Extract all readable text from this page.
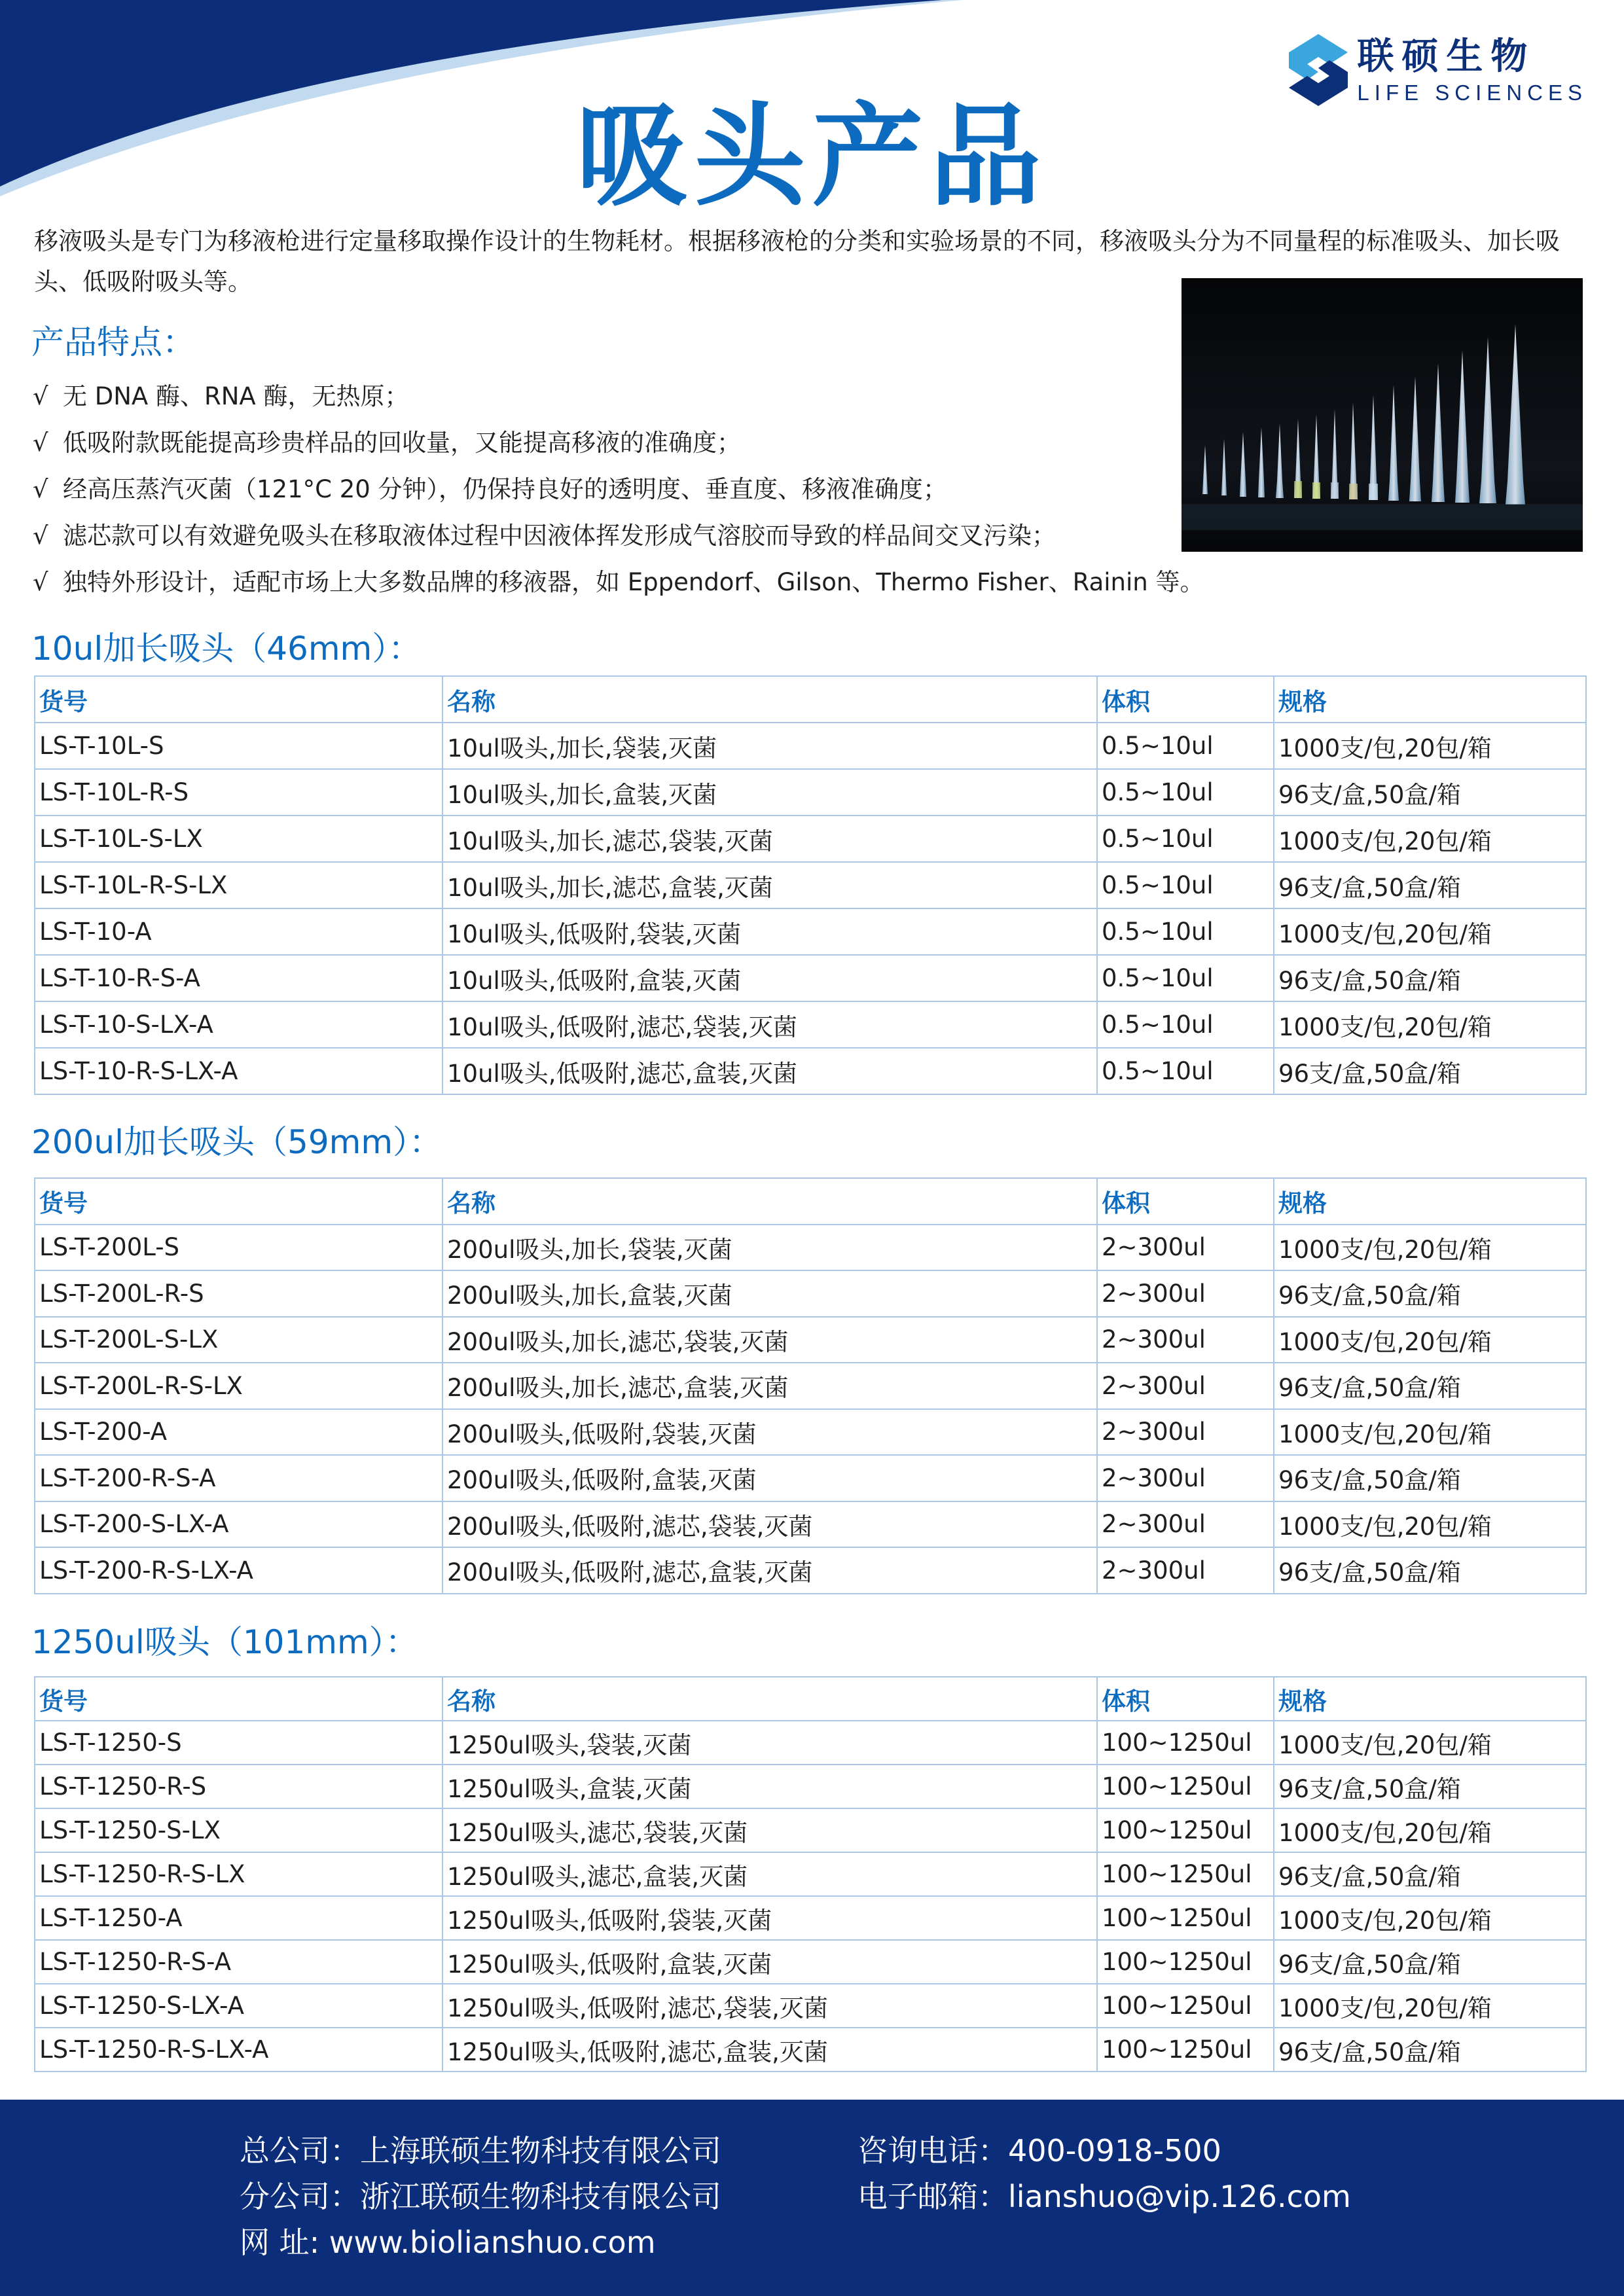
联硕生物
LIFE SCIENCES
吸头产品

移液吸头是专门为移液枪进行定量移取操作设计的生物耗材。根据移液枪的分类和实验场景的不同，移液吸头分为不同量程的标准吸头、加长吸头、低吸附吸头等。

产品特点：
√ 无 DNA 酶、RNA 酶，无热原；
√ 低吸附款既能提高珍贵样品的回收量，又能提高移液的准确度；
√ 经高压蒸汽灭菌（121°C 20 分钟），仍保持良好的透明度、垂直度、移液准确度；
√ 滤芯款可以有效避免吸头在移取液体过程中因液体挥发形成气溶胶而导致的样品间交叉污染；
√ 独特外形设计，适配市场上大多数品牌的移液器，如 Eppendorf、Gilson、Thermo Fisher、Rainin 等。
10ul加长吸头（46mm）：
货号	名称	体积	规格
LS-T-10L-S	10ul吸头,加长,袋装,灭菌	0.5~10ul	1000支/包,20包/箱
LS-T-10L-R-S	10ul吸头,加长,盒装,灭菌	0.5~10ul	96支/盒,50盒/箱
LS-T-10L-S-LX	10ul吸头,加长,滤芯,袋装,灭菌	0.5~10ul	1000支/包,20包/箱
LS-T-10L-R-S-LX	10ul吸头,加长,滤芯,盒装,灭菌	0.5~10ul	96支/盒,50盒/箱
LS-T-10-A	10ul吸头,低吸附,袋装,灭菌	0.5~10ul	1000支/包,20包/箱
LS-T-10-R-S-A	10ul吸头,低吸附,盒装,灭菌	0.5~10ul	96支/盒,50盒/箱
LS-T-10-S-LX-A	10ul吸头,低吸附,滤芯,袋装,灭菌	0.5~10ul	1000支/包,20包/箱
LS-T-10-R-S-LX-A	10ul吸头,低吸附,滤芯,盒装,灭菌	0.5~10ul	96支/盒,50盒/箱
200ul加长吸头（59mm）：
货号	名称	体积	规格
LS-T-200L-S	200ul吸头,加长,袋装,灭菌	2~300ul	1000支/包,20包/箱
LS-T-200L-R-S	200ul吸头,加长,盒装,灭菌	2~300ul	96支/盒,50盒/箱
LS-T-200L-S-LX	200ul吸头,加长,滤芯,袋装,灭菌	2~300ul	1000支/包,20包/箱
LS-T-200L-R-S-LX	200ul吸头,加长,滤芯,盒装,灭菌	2~300ul	96支/盒,50盒/箱
LS-T-200-A	200ul吸头,低吸附,袋装,灭菌	2~300ul	1000支/包,20包/箱
LS-T-200-R-S-A	200ul吸头,低吸附,盒装,灭菌	2~300ul	96支/盒,50盒/箱
LS-T-200-S-LX-A	200ul吸头,低吸附,滤芯,袋装,灭菌	2~300ul	1000支/包,20包/箱
LS-T-200-R-S-LX-A	200ul吸头,低吸附,滤芯,盒装,灭菌	2~300ul	96支/盒,50盒/箱
1250ul吸头（101mm）：
货号	名称	体积	规格
LS-T-1250-S	1250ul吸头,袋装,灭菌	100~1250ul	1000支/包,20包/箱
LS-T-1250-R-S	1250ul吸头,盒装,灭菌	100~1250ul	96支/盒,50盒/箱
LS-T-1250-S-LX	1250ul吸头,滤芯,袋装,灭菌	100~1250ul	1000支/包,20包/箱
LS-T-1250-R-S-LX	1250ul吸头,滤芯,盒装,灭菌	100~1250ul	96支/盒,50盒/箱
LS-T-1250-A	1250ul吸头,低吸附,袋装,灭菌	100~1250ul	1000支/包,20包/箱
LS-T-1250-R-S-A	1250ul吸头,低吸附,盒装,灭菌	100~1250ul	96支/盒,50盒/箱
LS-T-1250-S-LX-A	1250ul吸头,低吸附,滤芯,袋装,灭菌	100~1250ul	1000支/包,20包/箱
LS-T-1250-R-S-LX-A	1250ul吸头,低吸附,滤芯,盒装,灭菌	100~1250ul	96支/盒,50盒/箱
总公司：上海联硕生物科技有限公司
分公司：浙江联硕生物科技有限公司
网 址: www.biolianshuo.com
咨询电话：400-0918-500
电子邮箱：lianshuo@vip.126.com
